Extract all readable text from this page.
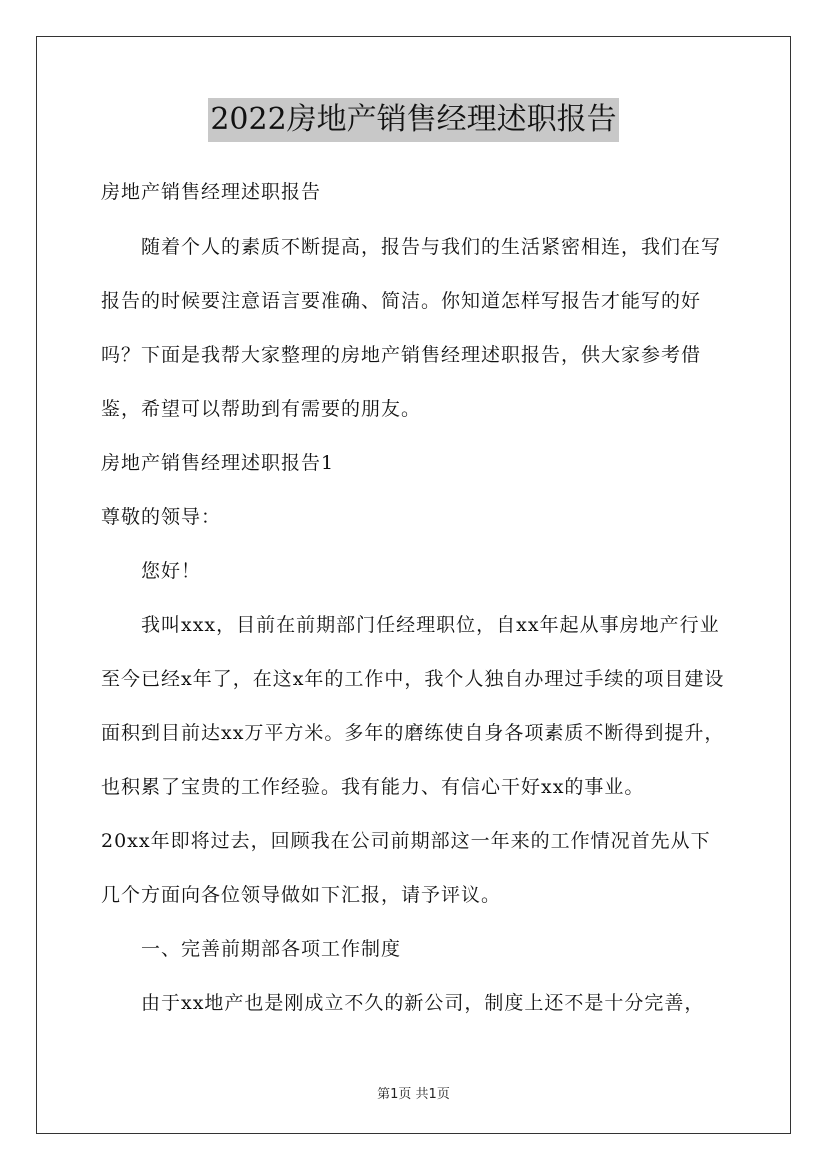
2022房地产销售经理述职报告

房地产销售经理述职报告

随着个人的素质不断提高，报告与我们的生活紧密相连，我们在写报告的时候要注意语言要准确、简洁。你知道怎样写报告才能写的好吗？下面是我帮大家整理的房地产销售经理述职报告，供大家参考借鉴，希望可以帮助到有需要的朋友。

房地产销售经理述职报告1

尊敬的领导：

您好！

我叫xxx，目前在前期部门任经理职位，自xx年起从事房地产行业至今已经x年了，在这x年的工作中，我个人独自办理过手续的项目建设面积到目前达xx万平方米。多年的磨练使自身各项素质不断得到提升，也积累了宝贵的工作经验。我有能力、有信心干好xx的事业。

20xx年即将过去，回顾我在公司前期部这一年来的工作情况首先从下几个方面向各位领导做如下汇报，请予评议。

一、完善前期部各项工作制度

由于xx地产也是刚成立不久的新公司，制度上还不是十分完善，

第1页 共1页
